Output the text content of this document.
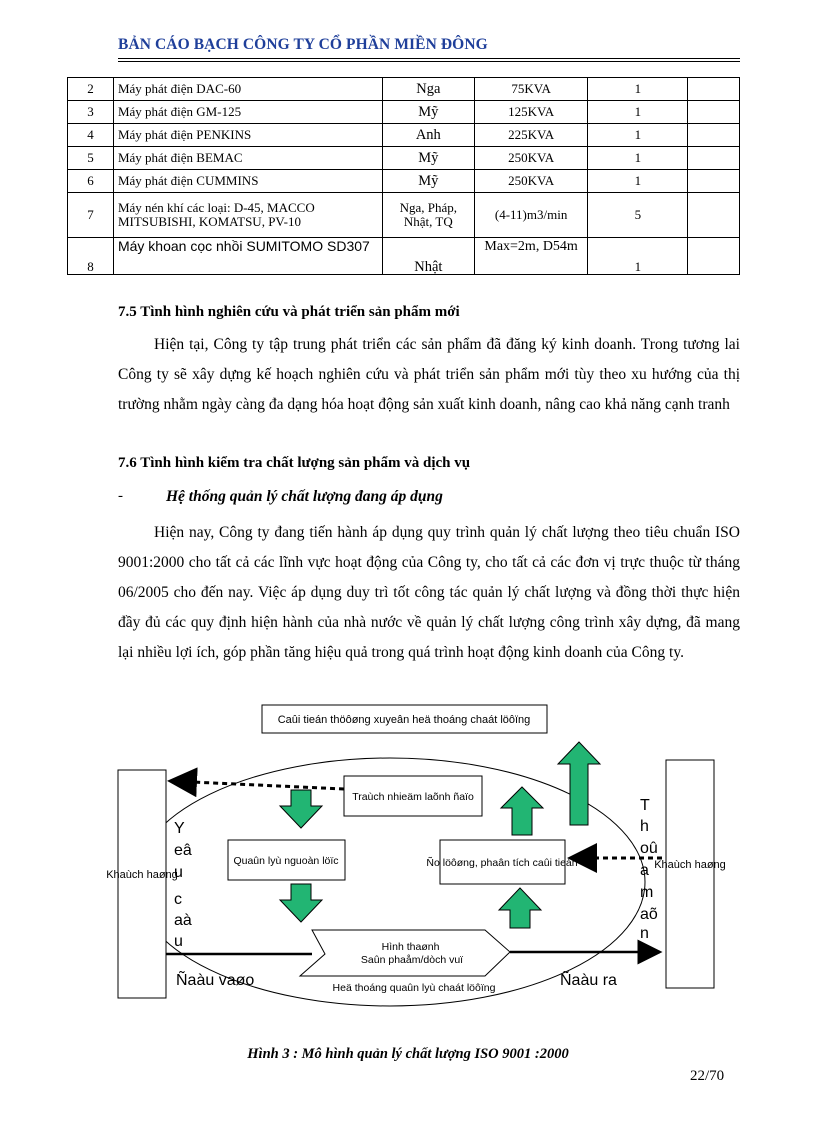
BẢN CÁO BẠCH CÔNG TY CỔ PHẦN MIỀN ĐÔNG
2	Máy phát điện DAC-60	Nga	75KVA	1	
3	Máy phát điện GM-125	Mỹ	125KVA	1	
4	Máy phát điện PENKINS	Anh	225KVA	1	
5	Máy phát điện BEMAC	Mỹ	250KVA	1	
6	Máy phát điện CUMMINS	Mỹ	250KVA	1	
7	Máy nén khí các loại: D-45, MACCO MITSUBISHI, KOMATSU, PV-10	Nga, Pháp, Nhật, TQ	(4-11)m3/min	5	
8	Máy khoan cọc nhồi SUMITOMO SD307	Nhật	Max=2m, D54m	1	
7.5 Tình hình nghiên cứu và phát triển sản phẩm mới
Hiện tại, Công ty tập trung phát triển các sản phẩm đã đăng ký kinh doanh. Trong tương lai Công ty sẽ xây dựng kế hoạch nghiên cứu và phát triển sản phẩm mới tùy theo xu hướng của thị trường nhằm ngày càng đa dạng hóa hoạt động sản xuất kinh doanh, nâng cao khả năng cạnh tranh
7.6 Tình hình kiểm tra chất lượng sản phẩm và dịch vụ
-	Hệ thống quản lý chất lượng đang áp dụng
Hiện nay, Công ty đang tiến hành áp dụng quy trình quản lý chất lượng theo tiêu chuẩn ISO 9001:2000 cho tất cả các lĩnh vực hoạt động của Công ty, cho tất cả các đơn vị trực thuộc từ tháng 06/2005 cho đến nay. Việc áp dụng duy trì tốt công tác quản lý chất lượng và đồng thời thực hiện đầy đủ các quy định hiện hành của nhà nước về quản lý chất lượng công trình xây dựng, đã mang lại nhiều lợi ích, góp phần tăng hiệu quả trong quá trình hoạt động kinh doanh của Công ty.
Caûi tieán thöôøng xuyeân heä thoáng chaát löôïng
Khaùch haøng
Khaùch haøng
Y
eâ
u
c
aà
u
T
h
oû
a
m
aõ
n
Traùch nhieäm laõnh ñaïo
Quaûn lyù nguoàn löïc	Ño löôøng, phaân tích caûi tieán
Hình thaønh Saûn phaåm/dòch vuï
Ñaàu vaøo	Ñaàu ra
Heä thoáng quaûn lyù chaát löôïng
Hình 3 : Mô hình quản lý chất lượng ISO 9001 :2000
22/70
